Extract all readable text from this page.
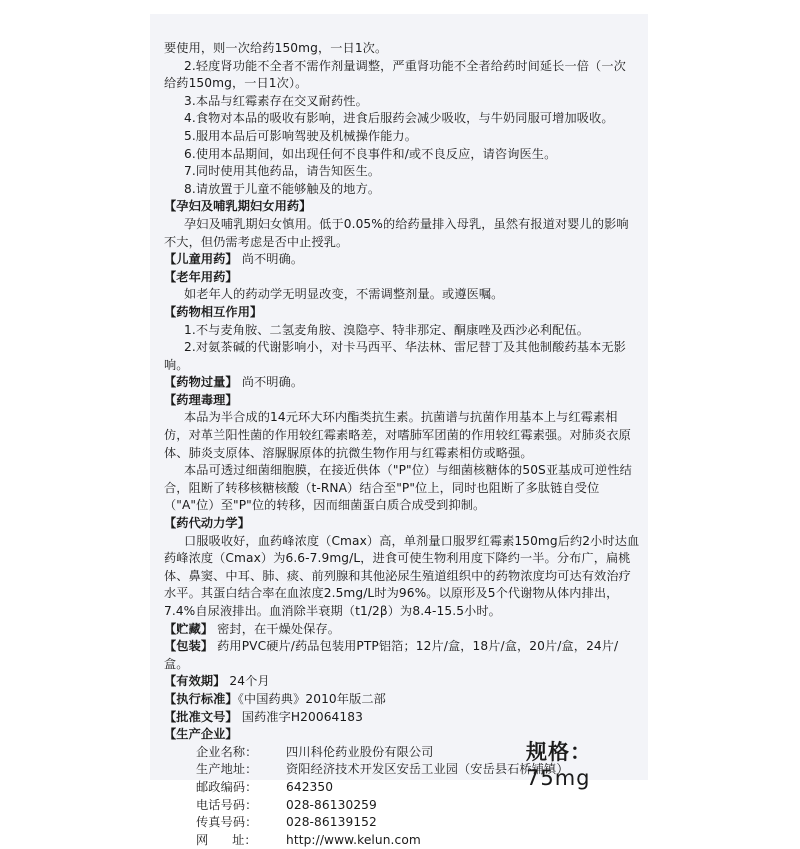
要使用，则一次给药150mg，一日1次。

2.轻度肾功能不全者不需作剂量调整，严重肾功能不全者给药时间延长一倍（一次

给药150mg，一日1次）。

3.本品与红霉素存在交叉耐药性。

4.食物对本品的吸收有影响，进食后服药会减少吸收，与牛奶同服可增加吸收。

5.服用本品后可影响驾驶及机械操作能力。

6.使用本品期间，如出现任何不良事件和/或不良反应，请咨询医生。

7.同时使用其他药品，请告知医生。

8.请放置于儿童不能够触及的地方。

【孕妇及哺乳期妇女用药】

孕妇及哺乳期妇女慎用。低于0.05%的给药量排入母乳，虽然有报道对婴儿的影响

不大，但仍需考虑是否中止授乳。

【儿童用药】 尚不明确。

【老年用药】

如老年人的药动学无明显改变，不需调整剂量。或遵医嘱。

【药物相互作用】

1.不与麦角胺、二氢麦角胺、溴隐亭、特非那定、酮康唑及西沙必利配伍。

2.对氨茶碱的代谢影响小，对卡马西平、华法林、雷尼替丁及其他制酸药基本无影

响。

【药物过量】 尚不明确。

【药理毒理】

本品为半合成的14元环大环内酯类抗生素。抗菌谱与抗菌作用基本上与红霉素相

仿，对革兰阳性菌的作用较红霉素略差，对嗜肺军团菌的作用较红霉素强。对肺炎衣原

体、肺炎支原体、溶脲脲原体的抗微生物作用与红霉素相仿或略强。

本品可透过细菌细胞膜，在接近供体（"P"位）与细菌核糖体的50S亚基成可逆性结

合，阻断了转移核糖核酸（t-RNA）结合至"P"位上，同时也阻断了多肽链自受位

（"A"位）至"P"位的转移，因而细菌蛋白质合成受到抑制。

【药代动力学】

口服吸收好，血药峰浓度（Cmax）高，单剂量口服罗红霉素150mg后约2小时达血

药峰浓度（Cmax）为6.6-7.9mg/L，进食可使生物利用度下降约一半。分布广，扁桃

体、鼻窦、中耳、肺、痰、前列腺和其他泌尿生殖道组织中的药物浓度均可达有效治疗

水平。其蛋白结合率在血浓度2.5mg/L时为96%。以原形及5个代谢物从体内排出，

7.4%自尿液排出。血消除半衰期（t1/2β）为8.4-15.5小时。

【贮藏】 密封，在干燥处保存。

【包装】 药用PVC硬片/药品包装用PTP铝箔；12片/盒，18片/盒，20片/盒，24片/盒。

【有效期】 24个月

【执行标准】《中国药典》2010年版二部

【批准文号】 国药准字H20064183

【生产企业】

企业名称： 四川科伦药业股份有限公司

生产地址： 资阳经济技术开发区安岳工业园（安岳县石桥铺镇）

邮政编码： 642350

电话号码： 028-86130259

传真号码： 028-86139152

网      址： http://www.kelun.com

规格：75mg
